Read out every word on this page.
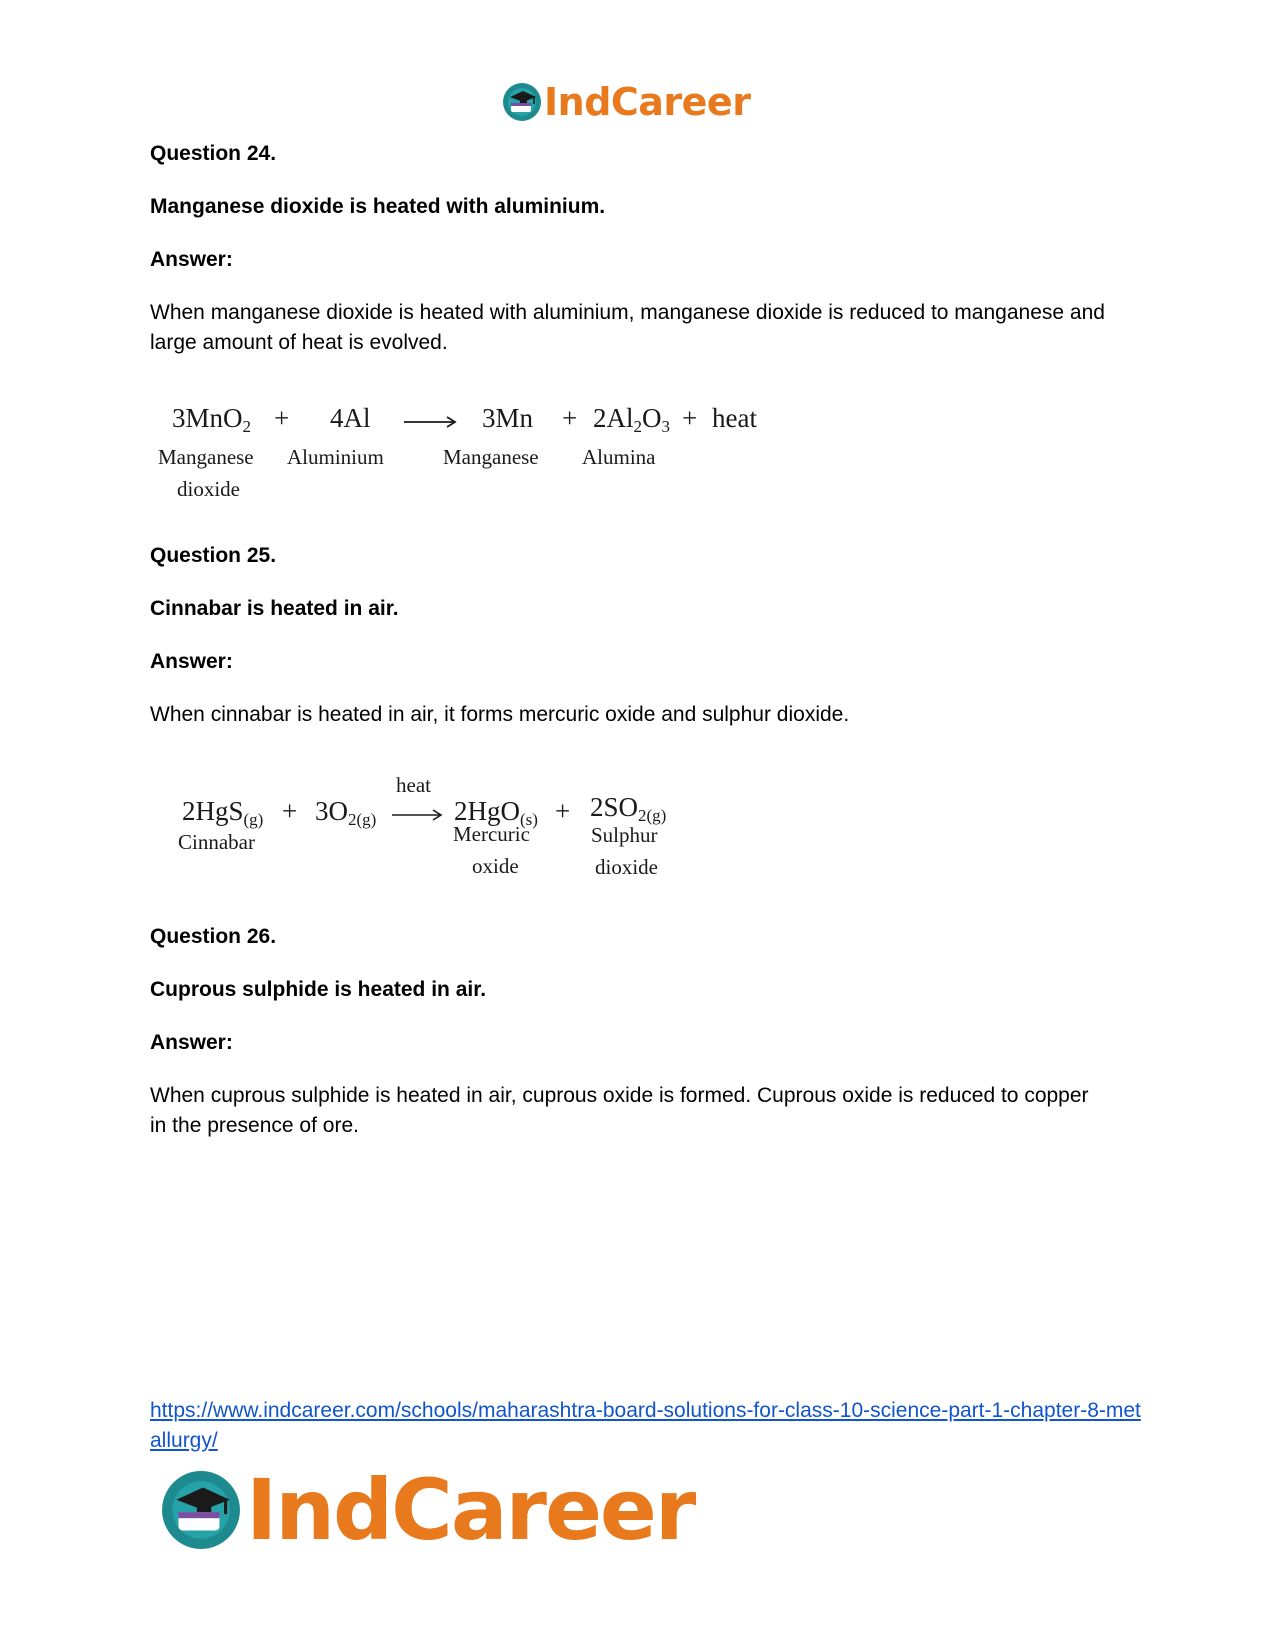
IndCareer
Question 24.
Manganese dioxide is heated with aluminium.
Answer:
When manganese dioxide is heated with aluminium, manganese dioxide is reduced to manganese and large amount of heat is evolved.
3MnO$_2$ + 4Al	$3Mn + 2Al_2O_3$ + heat
Manganese
dioxide
Aluminium	Manganese Alumina
Question 25.
Cinnabar is heated in air.
Answer:
When cinnabar is heated in air, it forms mercuric oxide and sulphur dioxide.
heat
$2HgS_{(g)} + 3O_{2(g)}$	$2HgO_{(s)} + 2SO_{2(g)}$
Cinnabar	Mercuric
oxide
Sulphur
dioxide
Question 26.
Cuprous sulphide is heated in air.
Answer:
When cuprous sulphide is heated in air, cuprous oxide is formed. Cuprous oxide is reduced to copper in the presence of ore.
https://www.indcareer.com/schools/maharashtra-board-solutions-for-class-10-science-part-1-chapter-8-metallurgy/
IndCareer
